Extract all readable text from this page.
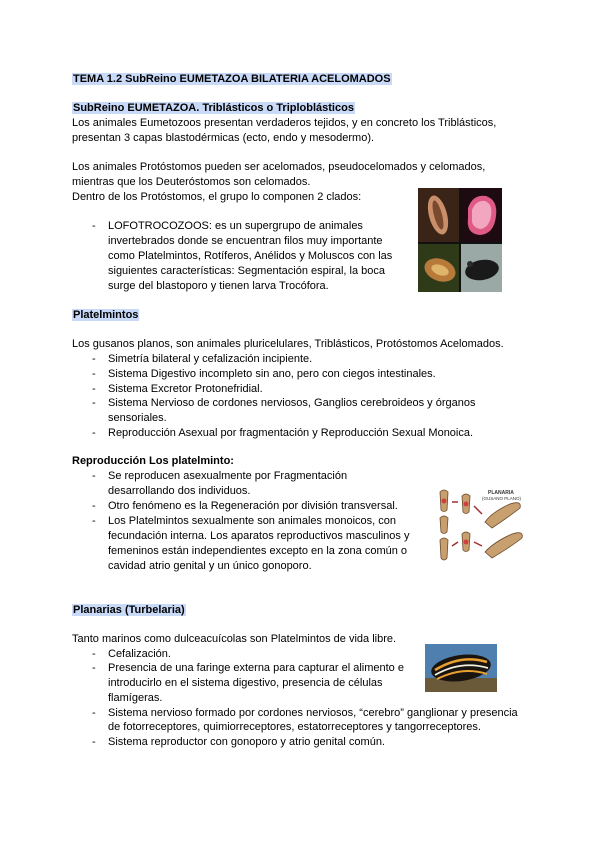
TEMA 1.2 SubReino EUMETAZOA BILATERIA ACELOMADOS
SubReino EUMETAZOA. Triblásticos o Triploblásticos
Los animales Eumetozoos presentan verdaderos tejidos, y en concreto los Triblásticos,
presentan 3 capas blastodérmicas (ecto, endo y mesodermo).
Los animales Protóstomos pueden ser acelomados, pseudocelomados y celomados,
mientras que los Deuteróstomos son celomados.
Dentro de los Protóstomos, el grupo lo componen 2 clados:
- LOFOTROCOZOOS: es un supergrupo de animales
invertebrados donde se encuentran filos muy importante
como Platelmintos, Rotíferos, Anélidos y Moluscos con las
siguientes características: Segmentación espiral, la boca
surge del blastoporo y tienen larva Trocófora.
Platelmintos
Los gusanos planos, son animales pluricelulares, Triblásticos, Protóstomos Acelomados.
- Simetría bilateral y cefalización incipiente.
- Sistema Digestivo incompleto sin ano, pero con ciegos intestinales.
- Sistema Excretor Protonefridial.
- Sistema Nervioso de cordones nerviosos, Ganglios cerebroideos y órganos
sensoriales.
- Reproducción Asexual por fragmentación y Reproducción Sexual Monoica.
Reproducción Los platelminto:
- Se reproducen asexualmente por Fragmentación
desarrollando dos individuos.
- Otro fenómeno es la Regeneración por división transversal.
- Los Platelmintos sexualmente son animales monoicos, con
fecundación interna. Los aparatos reproductivos masculinos y
femeninos están independientes excepto en la zona común o
cavidad atrio genital y un único gonoporo.
PLANARIA
(GUSANO PLANO)
Planarias (Turbelaria)
Tanto marinos como dulceacuícolas son Platelmintos de vida libre.
- Cefalización.
- Presencia de una faringe externa para capturar el alimento e
introducirlo en el sistema digestivo, presencia de células
flamígeras.
- Sistema nervioso formado por cordones nerviosos, “cerebro” ganglionar y presencia
de fotorreceptores, quimiorreceptores, estatorreceptores y tangorreceptores.
- Sistema reproductor con gonoporo y atrio genital común.
